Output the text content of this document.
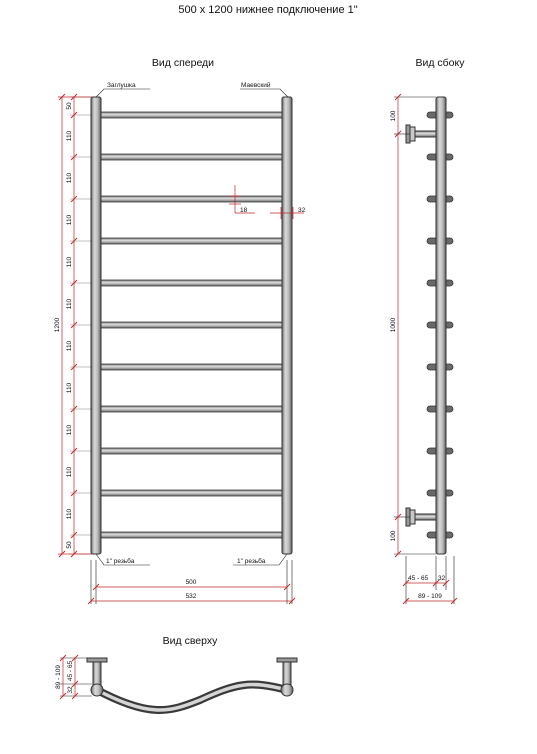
500 x 1200 нижнее подключение 1"
Вид спереди
Заглушка	Маевский
18	32
50
50
110
110
110
110
110
110
110
110
110
110
1200
1" резьба	1" резьба
500
532
Вид сбоку
100
1000
100
45 - 65 32
89 - 109
Вид сверху
89 - 109
32
45 - 65
